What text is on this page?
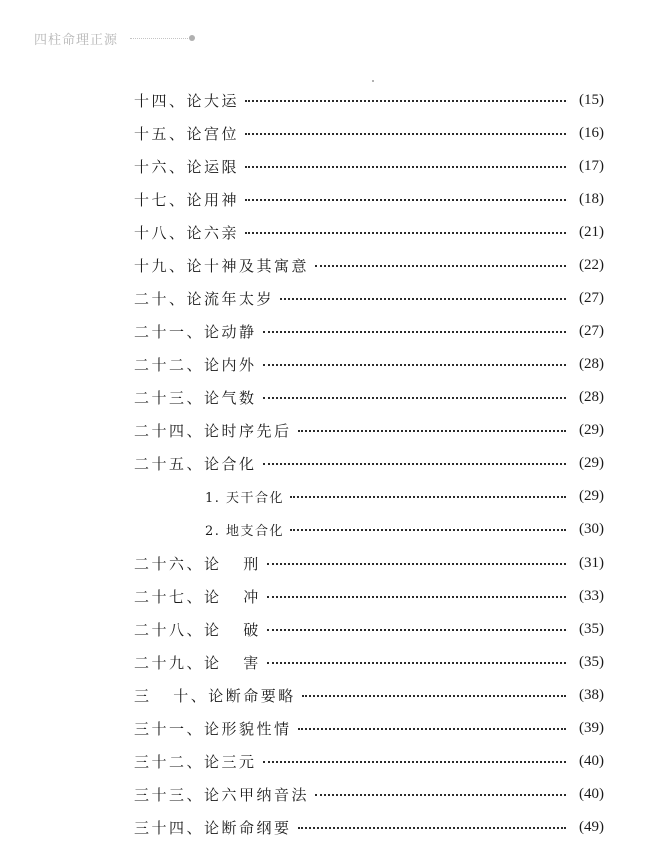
四柱命理正源
十四、论大运	(15)
十五、论宫位	(16)
十六、论运限	(17)
十七、论用神	(18)
十八、论六亲	(21)
十九、论十神及其寓意	(22)
二十、论流年太岁	(27)
二十一、论动静	(27)
二十二、论内外	(28)
二十三、论气数	(28)
二十四、论时序先后	(29)
二十五、论合化	(29)
1. 天干合化	(29)
2. 地支合化	(30)
二十六、论   刑	(31)
二十七、论   冲	(33)
二十八、论   破	(35)
二十九、论   害	(35)
三   十、论断命要略	(38)
三十一、论形貌性情	(39)
三十二、论三元	(40)
三十三、论六甲纳音法	(40)
三十四、论断命纲要	(49)
